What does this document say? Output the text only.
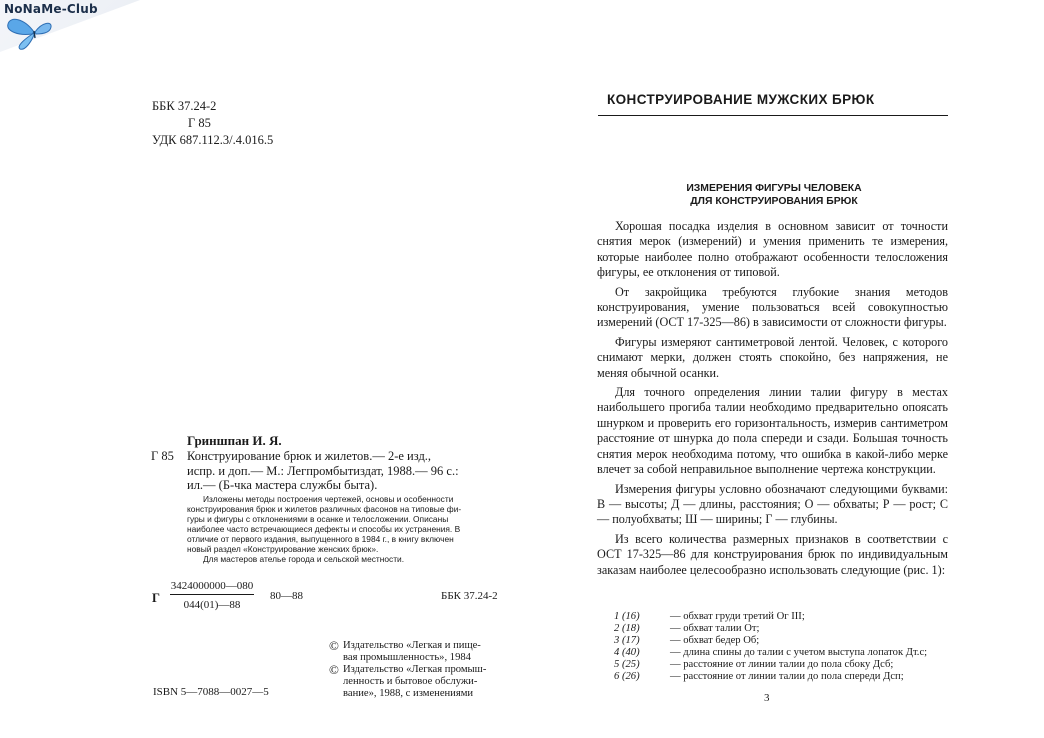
NoNaMe-Club
ББК 37.24-2
Г 85
УДК 687.112.3/.4.016.5
Гриншпан И. Я.
Г 85 Конструирование брюк и жилетов.— 2-е изд.,
испр. и доп.— М.: Легпромбытиздат, 1988.— 96 с.:
ил.— (Б-чка мастера службы быта).
Изложены методы построения чертежей, основы и особенности
конструирования брюк и жилетов различных фасонов на типовые фи-
гуры и фигуры с отклонениями в осанке и телосложении. Описаны
наиболее часто встречающиеся дефекты и способы их устранения. В
отличие от первого издания, выпущенного в 1984 г., в книгу включен
новый раздел «Конструирование женских брюк».
Для мастеров ателье города и сельской местности.
Г $\frac{3424000000—080}{044(01)—88}$ 80—88	ББК 37.24-2
© Издательство «Легкая и пище-
вая промышленность», 1984
© Издательство «Легкая промыш-
ленность и бытовое обслужи-
вание», 1988, с изменениями
ISBN 5—7088—0027—5
КОНСТРУИРОВАНИЕ МУЖСКИХ БРЮК
ИЗМЕРЕНИЯ ФИГУРЫ ЧЕЛОВЕКА
ДЛЯ КОНСТРУИРОВАНИЯ БРЮК

Хорошая посадка изделия в основном зависит от точности снятия мерок (измерений) и умения применить те измерения, которые наиболее полно отображают особенности телосложения фигуры, ее отклонения от типовой.

От закройщика требуются глубокие знания методов конструирования, умение пользоваться всей совокупностью измерений (ОСТ 17-325—86) в зависимости от сложности фигуры.

Фигуры измеряют сантиметровой лентой. Человек, с которого снимают мерки, должен стоять спокойно, без напряжения, не меняя обычной осанки.

Для точного определения линии талии фигуру в местах наибольшего прогиба талии необходимо предварительно опоясать шнурком и проверить его горизонтальность, измерив сантиметром расстояние от шнурка до пола спереди и сзади. Большая точность снятия мерок необходима потому, что ошибка в какой-либо мерке влечет за собой неправильное выполнение чертежа конструкции.

Измерения фигуры условно обозначают следующими буквами: В — высоты; Д — длины, расстояния; О — обхваты; Р — рост; С — полуобхваты; Ш — ширины; Г — глубины.

Из всего количества размерных признаков в соответствии с ОСТ 17-325—86 для конструирования брюк по индивидуальным заказам наиболее целесообразно использовать следующие (рис. 1):

1 (16)	— обхват груди третий Ог III;
2 (18)	— обхват талии От;
3 (17)	— обхват бедер Об;
4 (40)	— длина спины до талии с учетом выступа лопаток Дт.с;
5 (25)	— расстояние от линии талии до пола сбоку Дсб;
6 (26)	— расстояние от линии талии до пола спереди Дсп;
3
